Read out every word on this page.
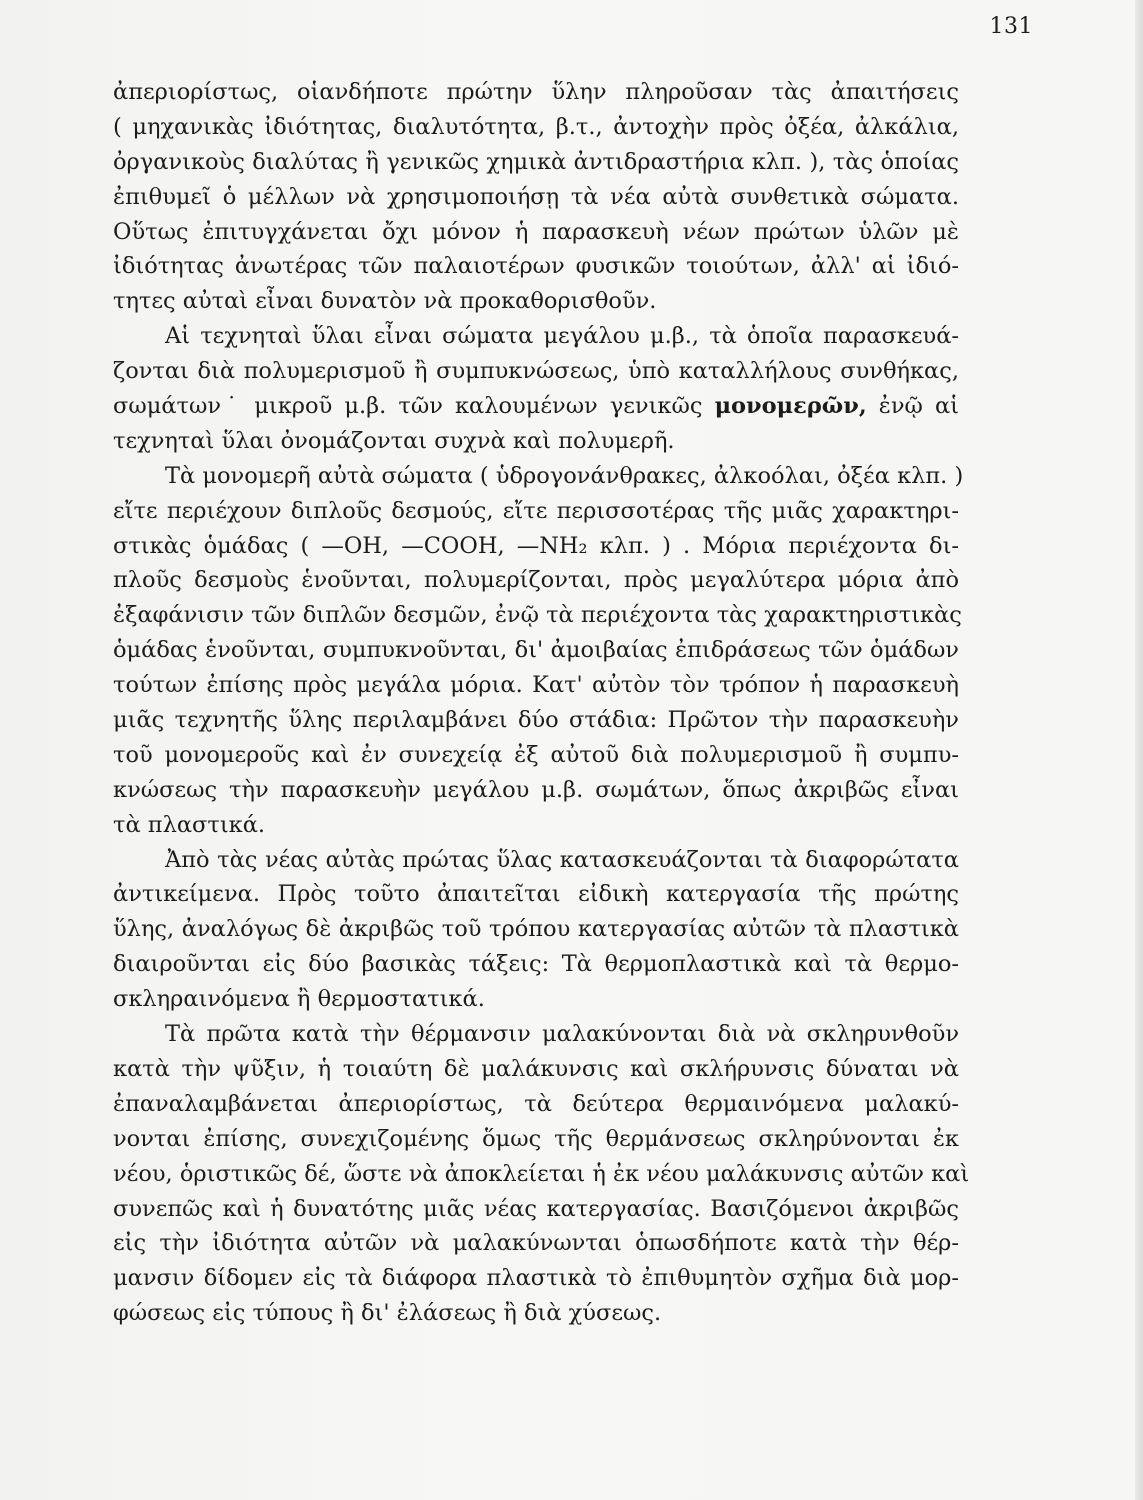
131
ἀπεριορίστως, οἱανδήποτε πρώτην ὕλην πληροῦσαν τὰς ἀπαιτήσεις
( μηχανικὰς ἰδιότητας, διαλυτότητα, β.τ., ἀντοχὴν πρὸς ὀξέα, ἀλκάλια,
ὀργανικοὺς διαλύτας ἢ γενικῶς χημικὰ ἀντιδραστήρια κλπ. ), τὰς ὁποίας
ἐπιθυμεῖ ὁ μέλλων νὰ χρησιμοποιήσῃ τὰ νέα αὐτὰ συνθετικὰ σώματα.
Οὕτως ἐπιτυγχάνεται ὄχι μόνον ἡ παρασκευὴ νέων πρώτων ὑλῶν μὲ
ἰδιότητας ἀνωτέρας τῶν παλαιοτέρων φυσικῶν τοιούτων, ἀλλ' αἱ ἰδιό-
τητες αὐταὶ εἶναι δυνατὸν νὰ προκαθορισθοῦν.
Αἱ τεχνηταὶ ὕλαι εἶναι σώματα μεγάλου μ.β., τὰ ὁποῖα παρασκευά-
ζονται διὰ πολυμερισμοῦ ἢ συμπυκνώσεως, ὑπὸ καταλλήλους συνθήκας,
σωμάτων˙ μικροῦ μ.β. τῶν καλουμένων γενικῶς μονομερῶν, ἐνῷ αἱ
τεχνηταὶ ὕλαι ὀνομάζονται συχνὰ καὶ πολυμερῆ.
Τὰ μονομερῆ αὐτὰ σώματα ( ὑδρογονάνθρακες, ἀλκοόλαι, ὀξέα κλπ. )
εἴτε περιέχουν διπλοῦς δεσμούς, εἴτε περισσοτέρας τῆς μιᾶς χαρακτηρι-
στικὰς ὁμάδας ( —OH, —COOH, —NH₂ κλπ. ) . Μόρια περιέχοντα δι-
πλοῦς δεσμοὺς ἑνοῦνται, πολυμερίζονται, πρὸς μεγαλύτερα μόρια ἀπὸ
ἐξαφάνισιν τῶν διπλῶν δεσμῶν, ἐνῷ τὰ περιέχοντα τὰς χαρακτηριστικὰς
ὁμάδας ἑνοῦνται, συμπυκνοῦνται, δι' ἀμοιβαίας ἐπιδράσεως τῶν ὁμάδων
τούτων ἐπίσης πρὸς μεγάλα μόρια. Κατ' αὐτὸν τὸν τρόπον ἡ παρασκευὴ
μιᾶς τεχνητῆς ὕλης περιλαμβάνει δύο στάδια: Πρῶτον τὴν παρασκευὴν
τοῦ μονομεροῦς καὶ ἐν συνεχείᾳ ἐξ αὐτοῦ διὰ πολυμερισμοῦ ἢ συμπυ-
κνώσεως τὴν παρασκευὴν μεγάλου μ.β. σωμάτων, ὅπως ἀκριβῶς εἶναι
τὰ πλαστικά.
Ἀπὸ τὰς νέας αὐτὰς πρώτας ὕλας κατασκευάζονται τὰ διαφορώτατα
ἀντικείμενα. Πρὸς τοῦτο ἀπαιτεῖται εἰδικὴ κατεργασία τῆς πρώτης
ὕλης, ἀναλόγως δὲ ἀκριβῶς τοῦ τρόπου κατεργασίας αὐτῶν τὰ πλαστικὰ
διαιροῦνται εἰς δύο βασικὰς τάξεις: Τὰ θερμοπλαστικὰ καὶ τὰ θερμο-
σκληραινόμενα ἢ θερμοστατικά.
Τὰ πρῶτα κατὰ τὴν θέρμανσιν μαλακύνονται διὰ νὰ σκληρυνθοῦν
κατὰ τὴν ψῦξιν, ἡ τοιαύτη δὲ μαλάκυνσις καὶ σκλήρυνσις δύναται νὰ
ἐπαναλαμβάνεται ἀπεριορίστως, τὰ δεύτερα θερμαινόμενα μαλακύ-
νονται ἐπίσης, συνεχιζομένης ὅμως τῆς θερμάνσεως σκληρύνονται ἐκ
νέου, ὁριστικῶς δέ, ὥστε νὰ ἀποκλείεται ἡ ἐκ νέου μαλάκυνσις αὐτῶν καὶ
συνεπῶς καὶ ἡ δυνατότης μιᾶς νέας κατεργασίας. Βασιζόμενοι ἀκριβῶς
εἰς τὴν ἰδιότητα αὐτῶν νὰ μαλακύνωνται ὁπωσδήποτε κατὰ τὴν θέρ-
μανσιν δίδομεν εἰς τὰ διάφορα πλαστικὰ τὸ ἐπιθυμητὸν σχῆμα διὰ μορ-
φώσεως εἰς τύπους ἢ δι' ἐλάσεως ἢ διὰ χύσεως.
